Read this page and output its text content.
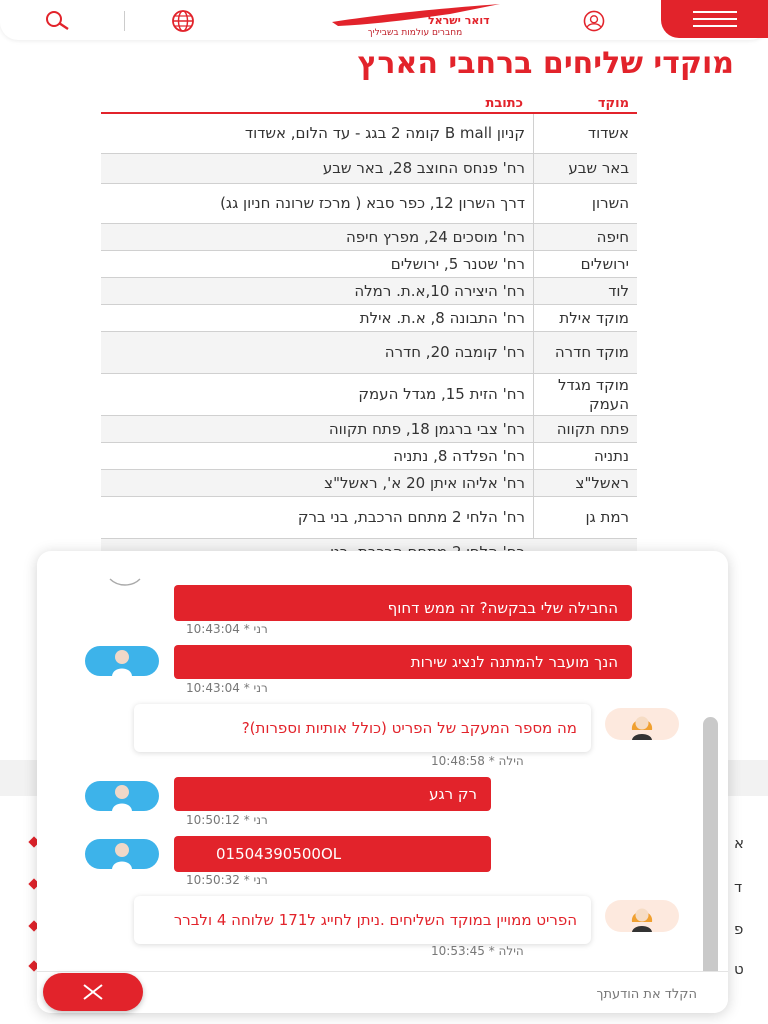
דואר ישראל
מחברים עולמות בשביליך
מוקדי שליחים ברחבי הארץ
מוקד
כתובת
אשדוד
קניון B mall קומה 2 בגג - עד הלום, אשדוד
באר שבע
רח' פנחס החוצב 28, באר שבע
השרון
דרך השרון 12, כפר סבא ( מרכז שרונה חניון גג)
חיפה
רח' מוסכים 24, מפרץ חיפה
ירושלים
רח' שטנר 5, ירושלים
לוד
רח' היצירה 10,א.ת. רמלה
מוקד אילת
רח' התבונה 8, א.ת. אילת
מוקד חדרה
רח' קומבה 20, חדרה
מוקד מגדל העמק
רח' הזית 15, מגדל העמק
פתח תקווה
רח' צבי ברגמן 18, פתח תקווה
נתניה
רח' הפלדה 8, נתניה
ראשל"צ
רח' אליהו איתן 20 א', ראשל"צ
רמת גן
רח' הלחי 2 מתחם הרכבת, בני ברק
א
ד
פ
ט
החבילה שלי בבקשה? זה ממש דחוף
10:43:04 * רני
הנך מועבר להמתנה לנציג שירות
10:43:04 * רני
מה מספר המעקב של הפריט (כולל אותיות וספרות)?
10:48:58 * הילה
רק רגע
10:50:12 * רני
01504390500OL
10:50:32 * רני
הפריט ממויין במוקד השליחים .ניתן לחייג ל171 שלוחה 4 ולברר
10:53:45 * הילה
הקלד את הודעתך
